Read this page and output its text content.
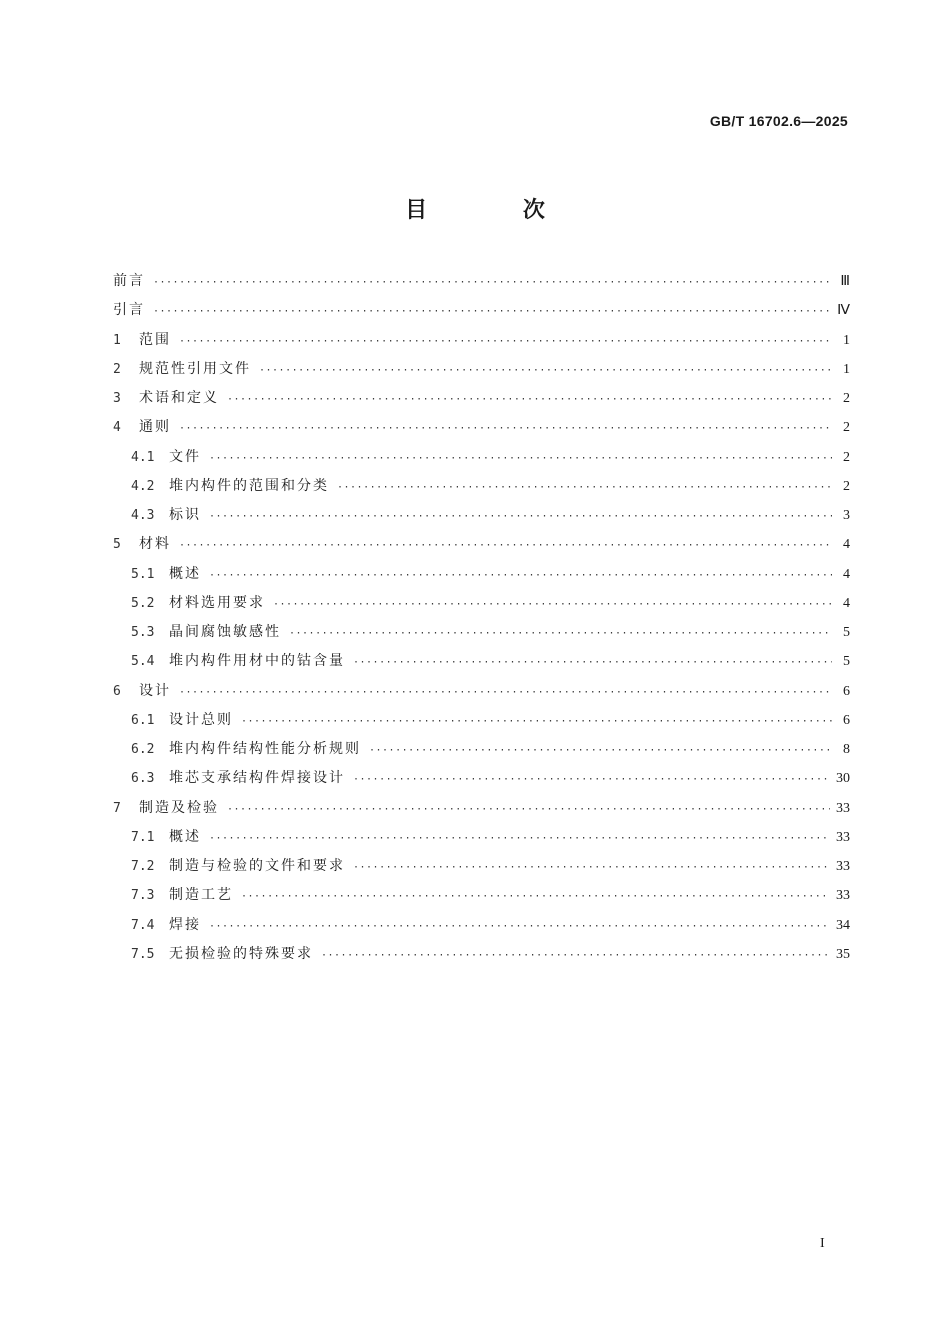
GB/T 16702.6—2025
目 次
前言 ·····	Ⅲ
引言 ·····	Ⅳ
1	范围 ·····	1
2	规范性引用文件 ·····	1
3	术语和定义 ·····	2
4	通则 ·····	2
4.1	文件 ·····	2
4.2	堆内构件的范围和分类 ·····	2
4.3	标识 ·····	3
5	材料 ·····	4
5.1	概述 ·····	4
5.2	材料选用要求 ·····	4
5.3	晶间腐蚀敏感性 ·····	5
5.4	堆内构件用材中的钴含量 ·····	5
6	设计 ·····	6
6.1	设计总则 ·····	6
6.2	堆内构件结构性能分析规则 ·····	8
6.3	堆芯支承结构件焊接设计 ·····	30
7	制造及检验 ·····	33
7.1	概述 ·····	33
7.2	制造与检验的文件和要求 ·····	33
7.3	制造工艺 ·····	33
7.4	焊接 ·····	34
7.5	无损检验的特殊要求 ·····	35
I
